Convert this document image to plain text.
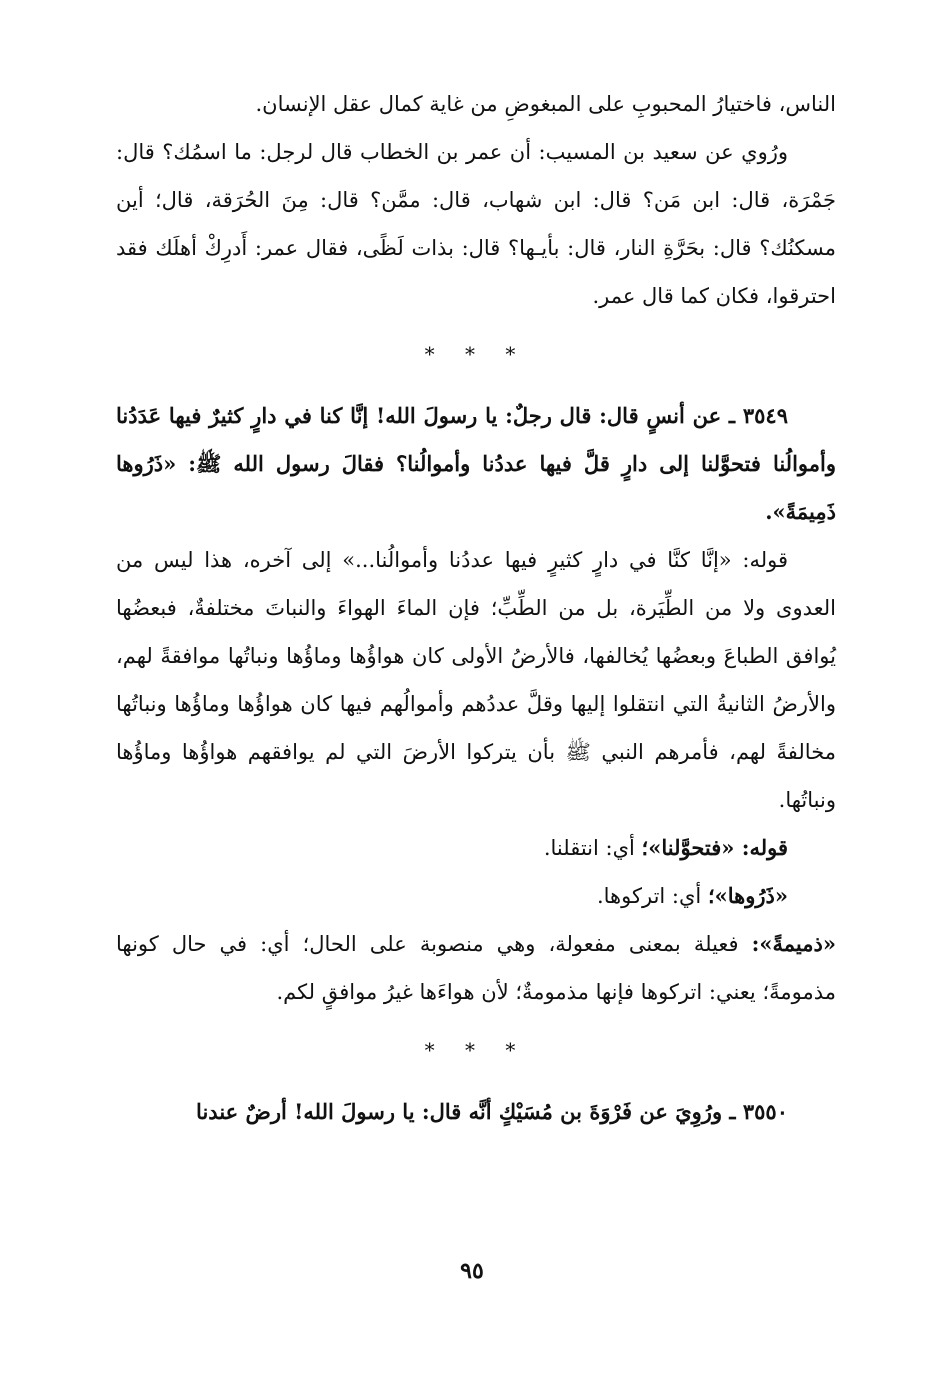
الناس، فاختيارُ المحبوبِ على المبغوضِ من غاية كمال عقل الإنسان.

ورُوي عن سعيد بن المسيب: أن عمر بن الخطاب قال لرجل: ما اسمُك؟ قال: جَمْرَة، قال: ابن مَن؟ قال: ابن شهاب، قال: ممَّن؟ قال: مِنَ الحُرَقة، قال؛ أين مسكنُك؟ قال: بحَرَّةِ النار، قال: بأيـها؟ قال: بذات لَظًى، فقال عمر: أَدرِكْ أهلَك فقد احترقوا، فكان كما قال عمر.

* * *

٣٥٤٩ ـ عن أنسٍ قال: قال رجلٌ: يا رسولَ الله! إنَّا كنا في دارٍ كثيرٌ فيها عَدَدُنا وأموالُنا فتحوَّلنا إلى دارٍ قلَّ فيها عددُنا وأموالُنا؟ فقالَ رسول الله ﷺ: «ذَرُوها ذَمِيمَةً».

قوله: «إنَّا كنَّا في دارٍ كثيرٍ فيها عددُنا وأموالُنا...» إلى آخره، هذا ليس من العدوى ولا من الطِّيَرة، بل من الطِّبِّ؛ فإن الماءَ الهواءَ والنباتَ مختلفةٌ، فبعضُها يُوافق الطباعَ وبعضُها يُخالفها، فالأرضُ الأولى كان هواؤُها وماؤُها ونباتُها موافقةً لهم، والأرضُ الثانيةُ التي انتقلوا إليها وقلَّ عددُهم وأموالُهم فيها كان هواؤُها وماؤُها ونباتُها مخالفةً لهم، فأمرهم النبي ﷺ بأن يتركوا الأرضَ التي لم يوافقهم هواؤُها وماؤُها ونباتُها.

قوله: «فتحوَّلنا»؛ أي: انتقلنا.

«ذَرُوها»؛ أي: اتركوها.

«ذميمةً»: فعيلة بمعنى مفعولة، وهي منصوبة على الحال؛ أي: في حال كونها مذمومةً؛ يعني: اتركوها فإنها مذمومةٌ؛ لأن هواءَها غيرُ موافقٍ لكم.

* * *

٣٥٥٠ ـ ورُوِيَ عن فَرْوَةَ بن مُسَيْكٍ أنَّه قال: يا رسولَ الله! أرضٌ عندنا

٩٥
